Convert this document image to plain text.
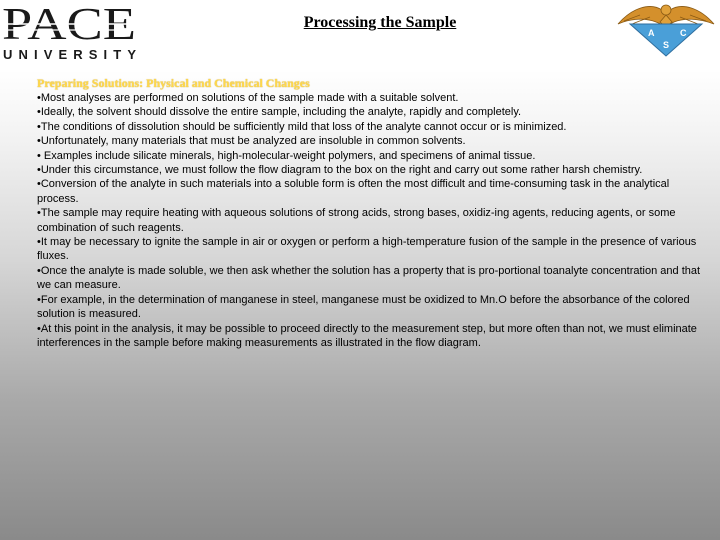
PACE
UNIVERSITY
Processing the Sample
A	C
S
Preparing Solutions: Physical and Chemical Changes
• Most analyses are performed on solutions of the sample made with a suitable solvent.
• Ideally, the solvent should dissolve the entire sample, including the analyte, rapidly and completely.
• The conditions of dissolution should be sufficiently mild that loss of the analyte cannot occur or is minimized.
• Unfortunately, many materials that must be analyzed are insoluble in common solvents.
• Examples include silicate minerals, high-molecular-weight polymers, and specimens of animal tissue.
• Under this circumstance, we must follow the flow diagram to the box on the right and carry out some rather harsh chemistry.
• Conversion of the analyte in such materials into a soluble form is often the most difficult and time-consuming task in the analytical process.
• The sample may require heating with aqueous solutions of strong acids, strong bases, oxidiz-ing agents, reducing agents, or some combination of such reagents.
• It may be necessary to ignite the sample in air or oxygen or perform a high-temperature fusion of the sample in the presence of various fluxes.
• Once the analyte is made soluble, we then ask whether the solution has a property that is pro-portional toanalyte concentration and that we can measure.
• For example, in the determination of manganese in steel, manganese must be oxidized to Mn.O before the absorbance of the colored solution is measured.
• At this point in the analysis, it may be possible to proceed directly to the measurement step, but more often than not, we must eliminate interferences in the sample before making measurements as illustrated in the flow diagram.
